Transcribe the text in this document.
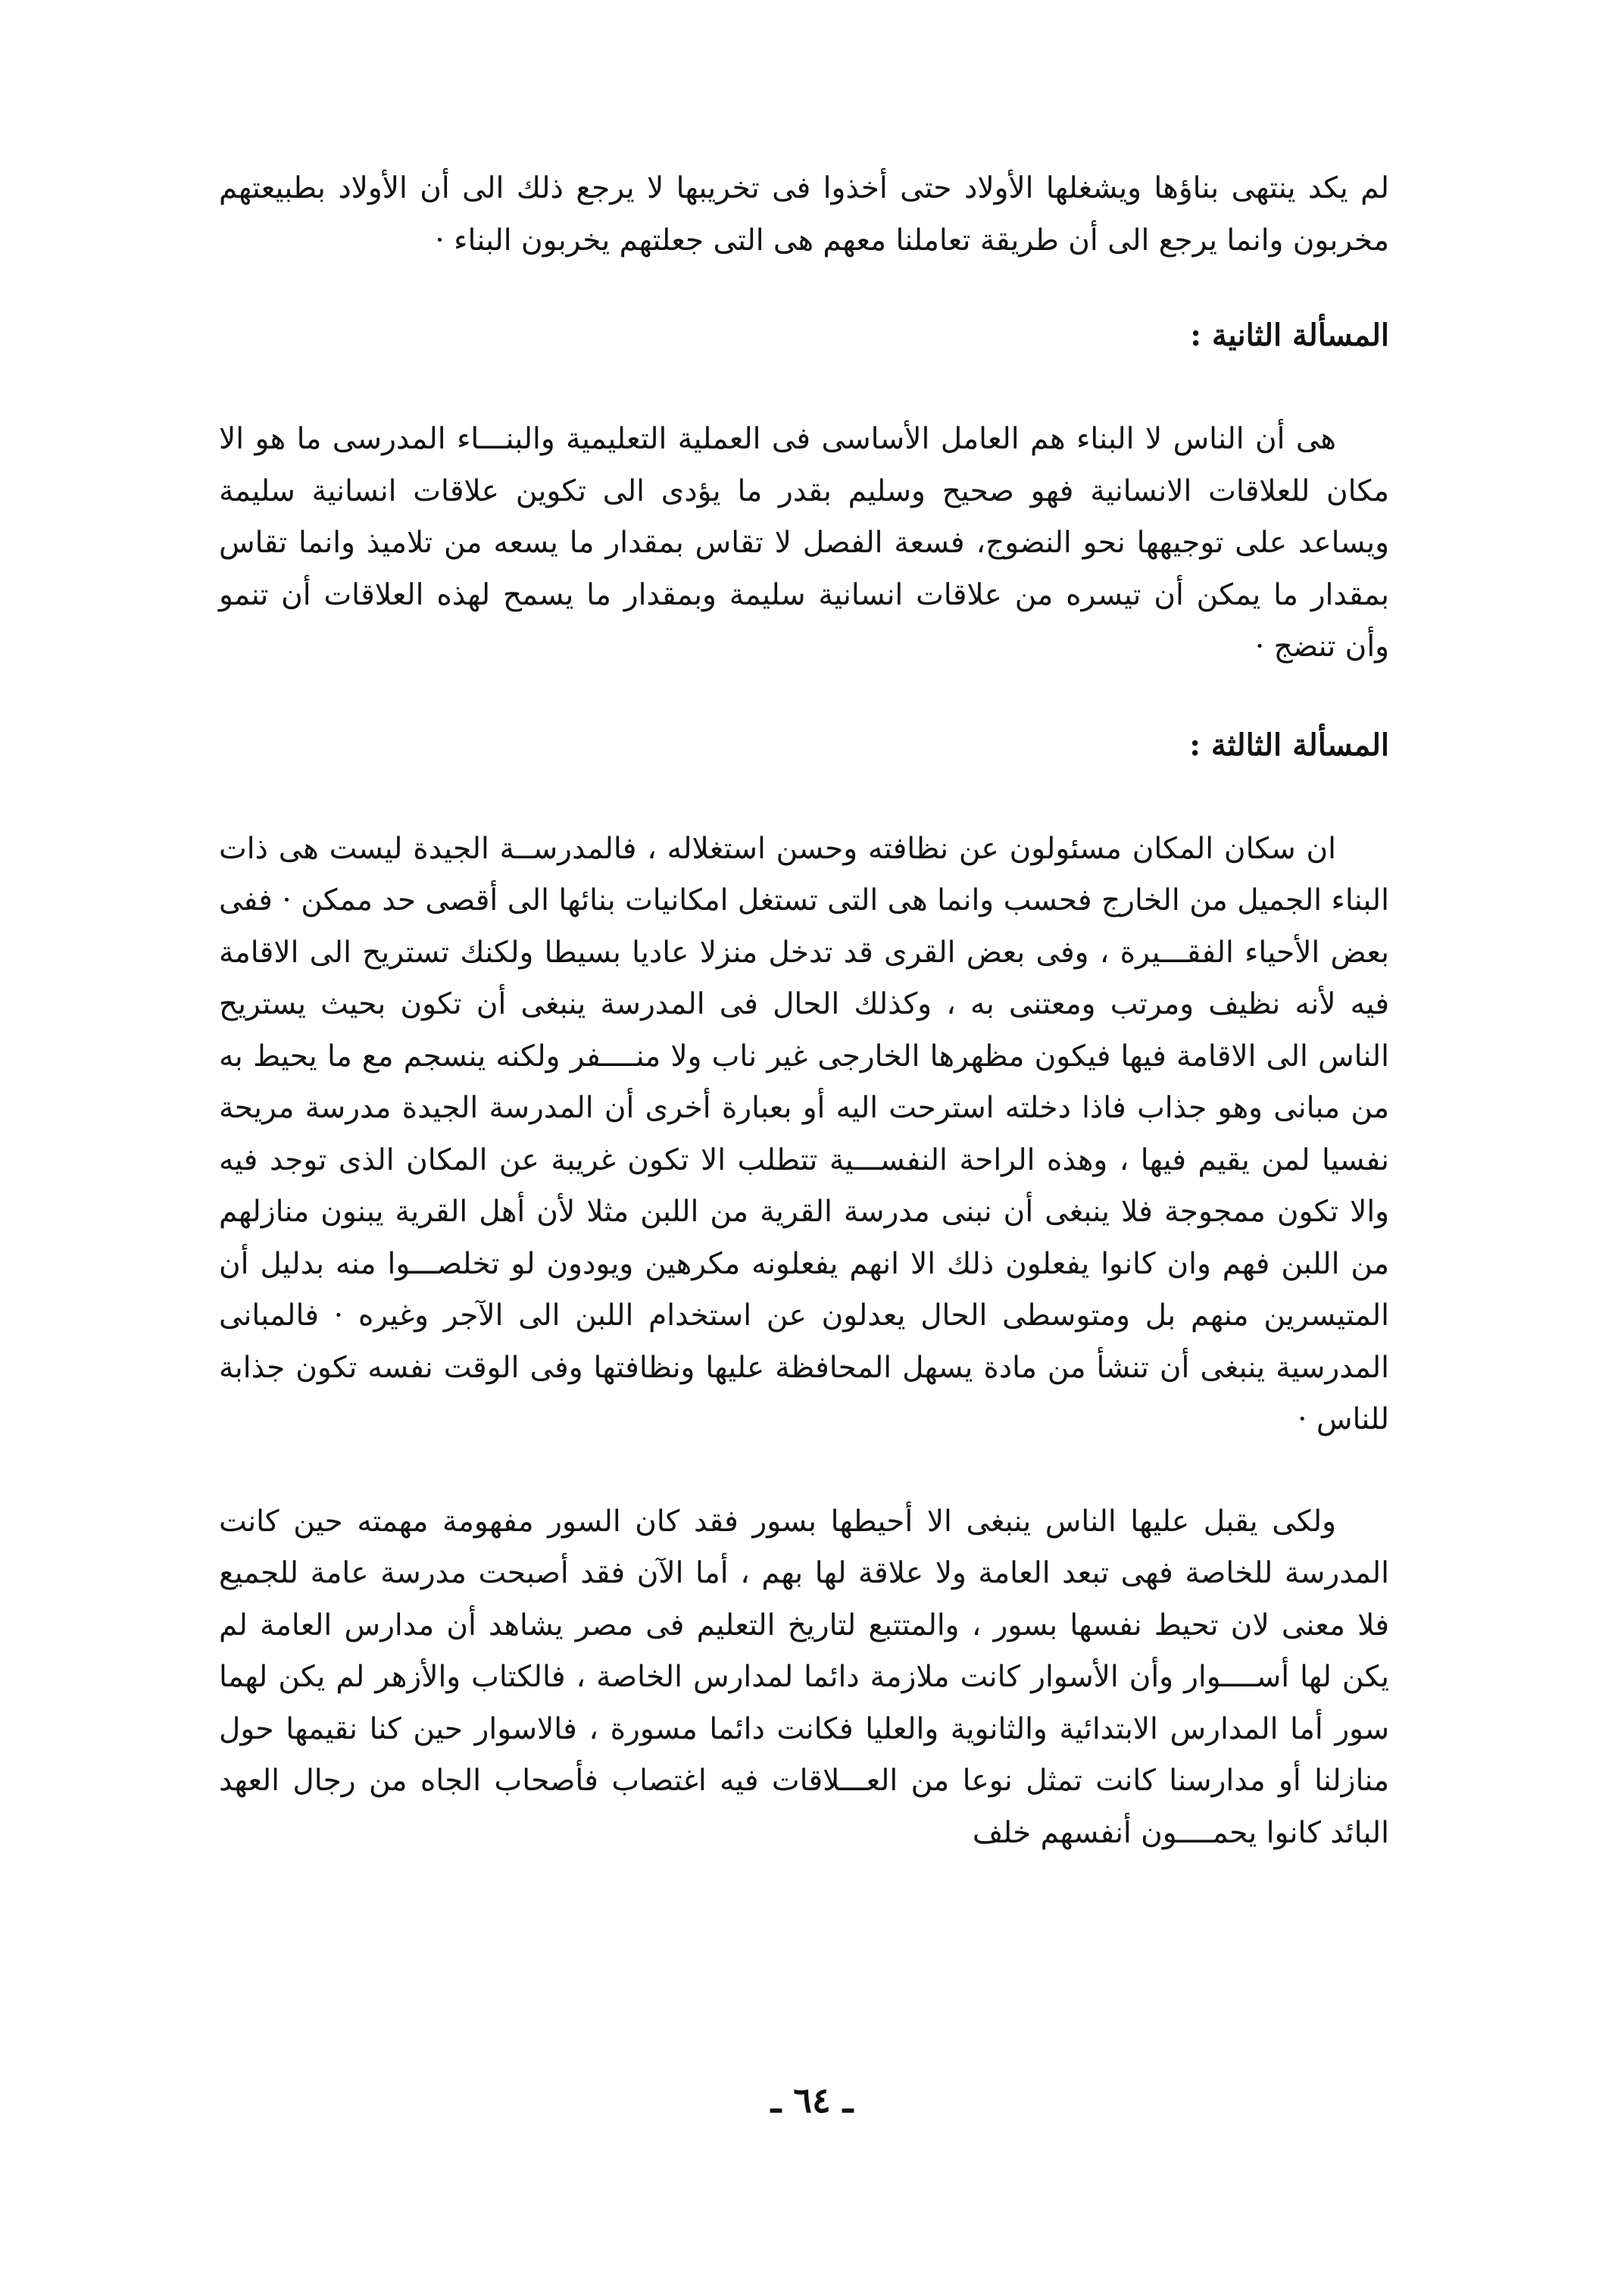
لم يكد ينتهى بناؤها ويشغلها الأولاد حتى أخذوا فى تخريبها لا يرجع ذلك الى أن الأولاد بطبيعتهم مخربون وانما يرجع الى أن طريقة تعاملنا معهم هى التى جعلتهم يخربون البناء ·

المسألة الثانية :

هى أن الناس لا البناء هم العامل الأساسى فى العملية التعليمية والبنـــاء المدرسى ما هو الا مكان للعلاقات الانسانية فهو صحيح وسليم بقدر ما يؤدى الى تكوين علاقات انسانية سليمة ويساعد على توجيهها نحو النضوج، فسعة الفصل لا تقاس بمقدار ما يسعه من تلاميذ وانما تقاس بمقدار ما يمكن أن تيسره من علاقات انسانية سليمة وبمقدار ما يسمح لهذه العلاقات أن تنمو وأن تنضج ·

المسألة الثالثة :

ان سكان المكان مسئولون عن نظافته وحسن استغلاله ، فالمدرســة الجيدة ليست هى ذات البناء الجميل من الخارج فحسب وانما هى التى تستغل امكانيات بنائها الى أقصى حد ممكن · ففى بعض الأحياء الفقـــيرة ، وفى بعض القرى قد تدخل منزلا عاديا بسيطا ولكنك تستريح الى الاقامة فيه لأنه نظيف ومرتب ومعتنى به ، وكذلك الحال فى المدرسة ينبغى أن تكون بحيث يستريح الناس الى الاقامة فيها فيكون مظهرها الخارجى غير ناب ولا منــــفر ولكنه ينسجم مع ما يحيط به من مبانى وهو جذاب فاذا دخلته استرحت اليه أو بعبارة أخرى أن المدرسة الجيدة مدرسة مريحة نفسيا لمن يقيم فيها ، وهذه الراحة النفســـية تتطلب الا تكون غريبة عن المكان الذى توجد فيه والا تكون ممجوجة فلا ينبغى أن نبنى مدرسة القرية من اللبن مثلا لأن أهل القرية يبنون منازلهم من اللبن فهم وان كانوا يفعلون ذلك الا انهم يفعلونه مكرهين ويودون لو تخلصـــوا منه بدليل أن المتيسرين منهم بل ومتوسطى الحال يعدلون عن استخدام اللبن الى الآجر وغيره · فالمبانى المدرسية ينبغى أن تنشأ من مادة يسهل المحافظة عليها ونظافتها وفى الوقت نفسه تكون جذابة للناس ·

ولكى يقبل عليها الناس ينبغى الا أحيطها بسور فقد كان السور مفهومة مهمته حين كانت المدرسة للخاصة فهى تبعد العامة ولا علاقة لها بهم ، أما الآن فقد أصبحت مدرسة عامة للجميع فلا معنى لان تحيط نفسها بسور ، والمتتبع لتاريخ التعليم فى مصر يشاهد أن مدارس العامة لم يكن لها أســــوار وأن الأسوار كانت ملازمة دائما لمدارس الخاصة ، فالكتاب والأزهر لم يكن لهما سور أما المدارس الابتدائية والثانوية والعليا فكانت دائما مسورة ، فالاسوار حين كنا نقيمها حول منازلنا أو مدارسنا كانت تمثل نوعا من العـــلاقات فيه اغتصاب فأصحاب الجاه من رجال العهد البائد كانوا يحمــــون أنفسهم خلف

ـ ٦٤ ـ
